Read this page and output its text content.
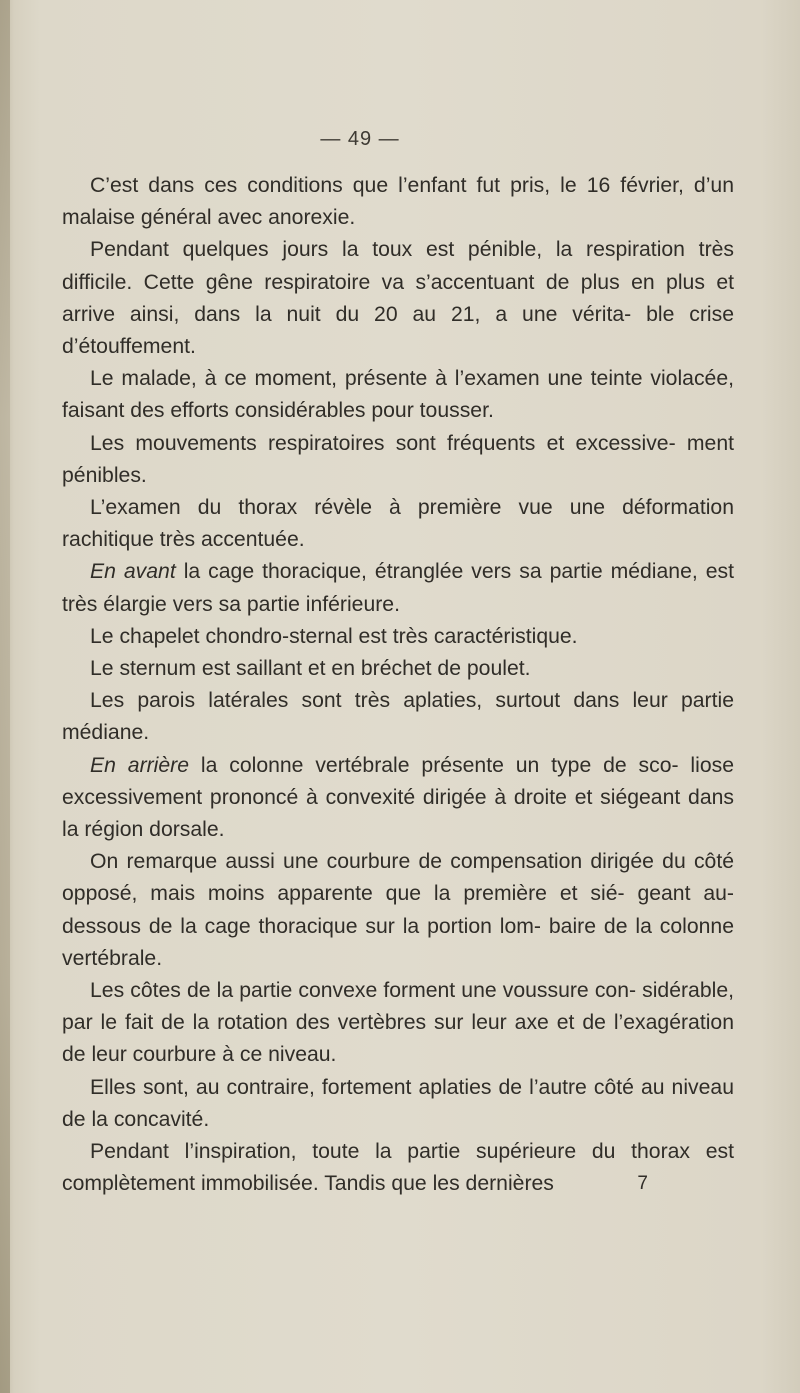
— 49 —

C’est dans ces conditions que l’enfant fut pris, le 16 février, d’un malaise général avec anorexie.

Pendant quelques jours la toux est pénible, la respiration très difficile. Cette gêne respiratoire va s’accentuant de plus en plus et arrive ainsi, dans la nuit du 20 au 21, a une vérita- ble crise d’étouffement.

Le malade, à ce moment, présente à l’examen une teinte violacée, faisant des efforts considérables pour tousser.

Les mouvements respiratoires sont fréquents et excessive- ment pénibles.

L’examen du thorax révèle à première vue une déformation rachitique très accentuée.

En avant la cage thoracique, étranglée vers sa partie médiane, est très élargie vers sa partie inférieure.

Le chapelet chondro-sternal est très caractéristique.

Le sternum est saillant et en bréchet de poulet.

Les parois latérales sont très aplaties, surtout dans leur partie médiane.

En arrière la colonne vertébrale présente un type de sco- liose excessivement prononcé à convexité dirigée à droite et siégeant dans la région dorsale.

On remarque aussi une courbure de compensation dirigée du côté opposé, mais moins apparente que la première et sié- geant au-dessous de la cage thoracique sur la portion lom- baire de la colonne vertébrale.

Les côtes de la partie convexe forment une voussure con- sidérable, par le fait de la rotation des vertèbres sur leur axe et de l’exagération de leur courbure à ce niveau.

Elles sont, au contraire, fortement aplaties de l’autre côté au niveau de la concavité.

Pendant l’inspiration, toute la partie supérieure du thorax est complètement immobilisée. Tandis que les dernières	7
